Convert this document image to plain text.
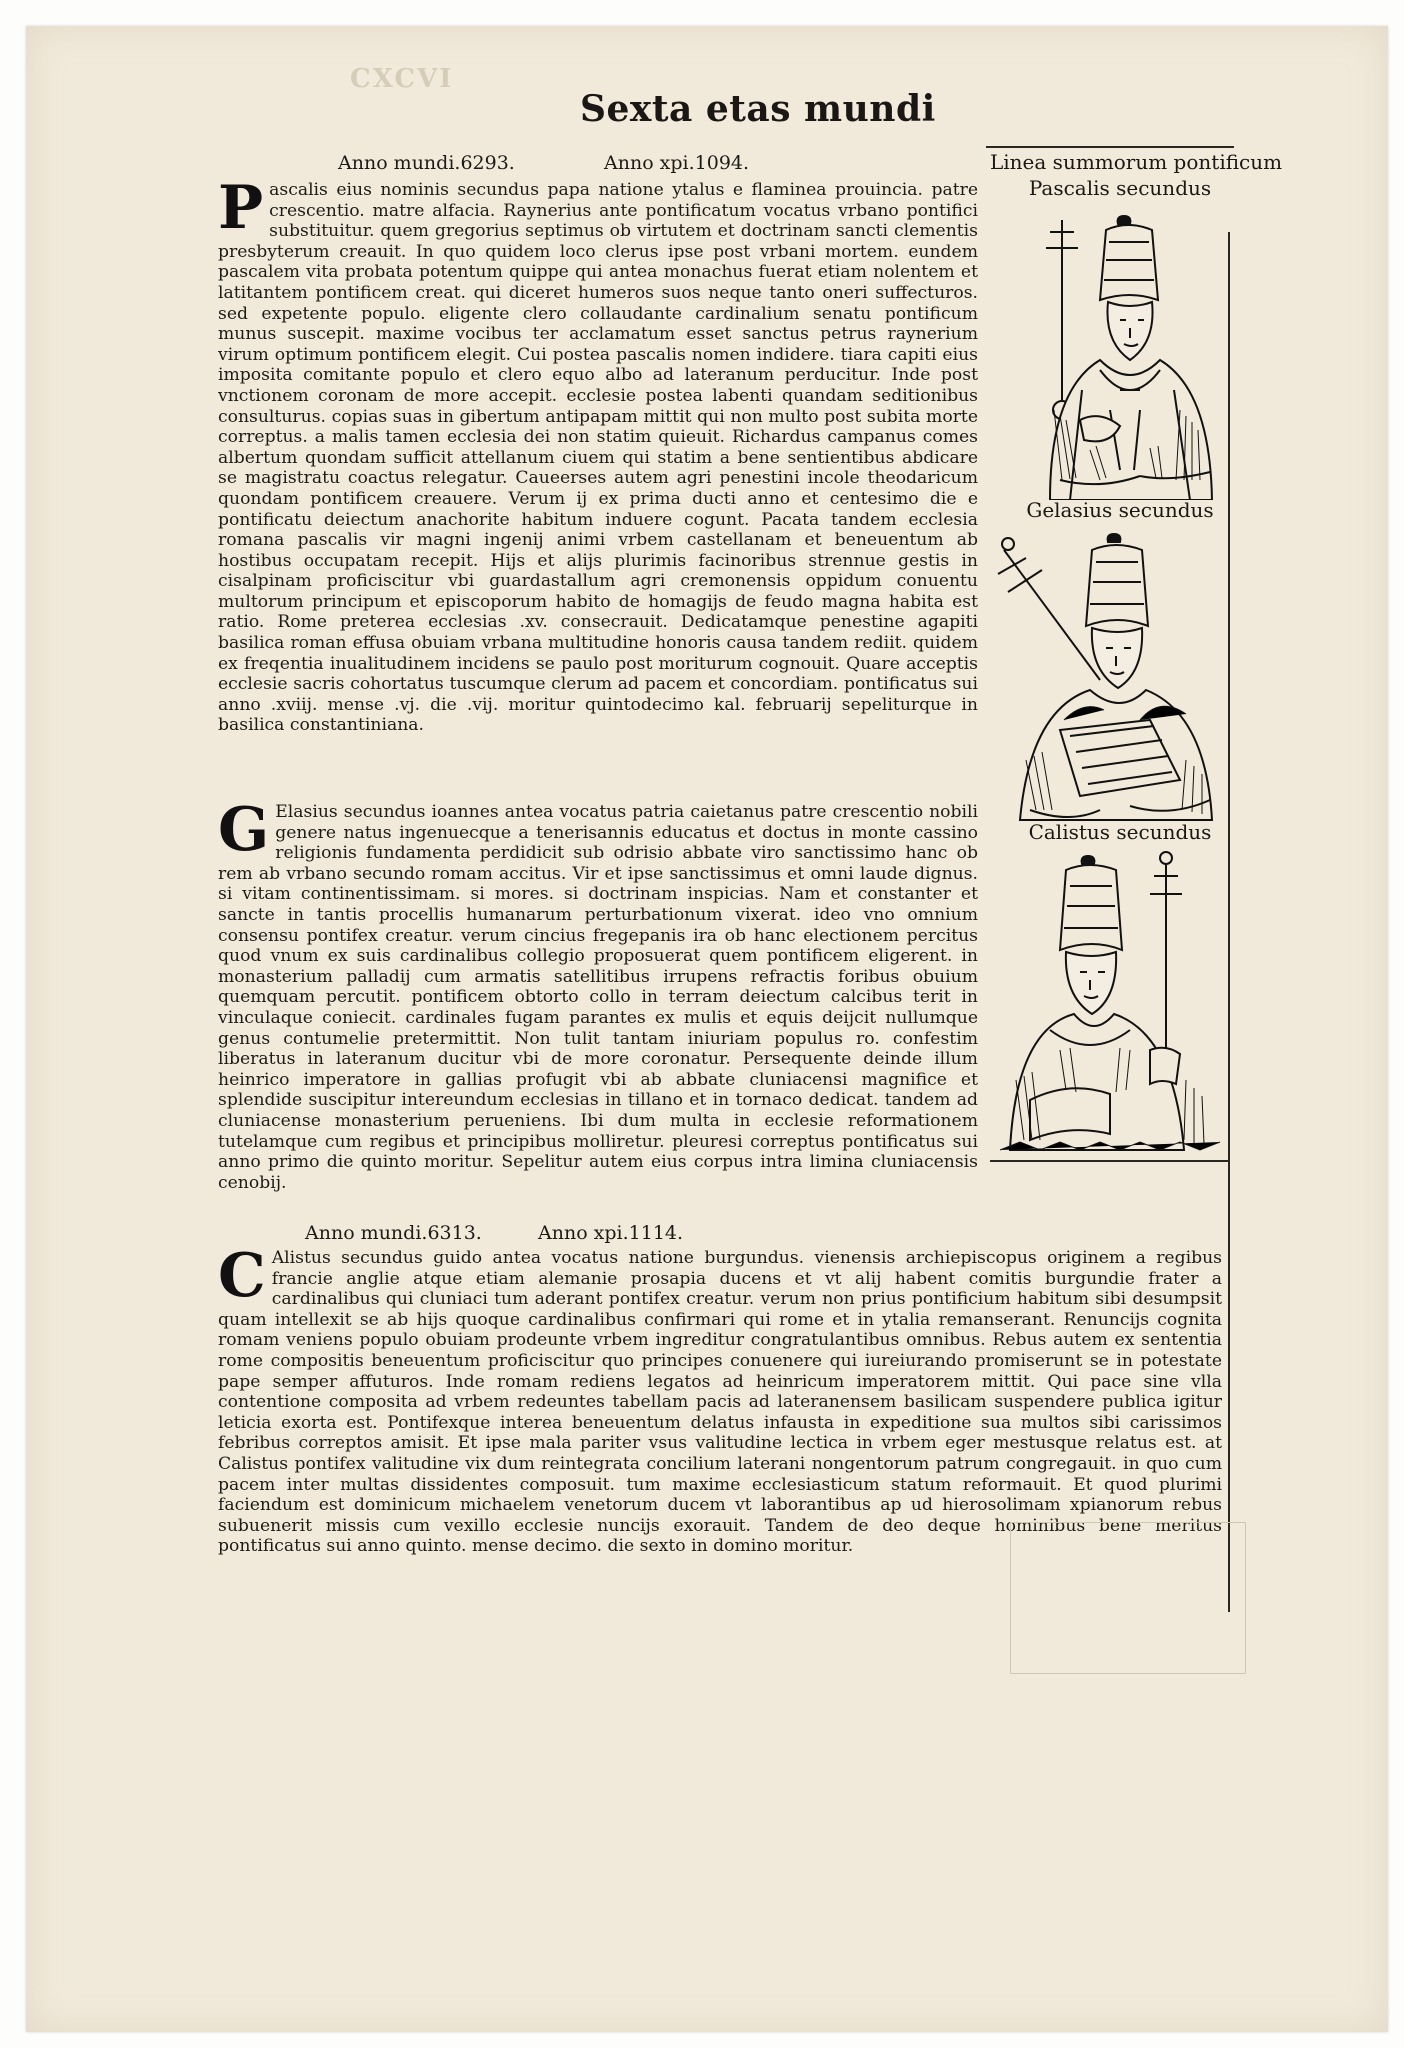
CXCVI
Sexta etas mundi
Anno mundi.6293.	Anno xpi.1094.
Pascalis eius nominis secundus papa natione ytalus e flaminea prouincia. patre crescentio. matre alfacia. Raynerius ante pontificatum vocatus vrbano pontifici substituitur. quem gregorius septimus ob virtutem et doctrinam sancti clementis presbyterum creauit. In quo quidem loco clerus ipse post vrbani mortem. eundem pascalem vita probata potentum quippe qui antea monachus fuerat etiam nolentem et latitantem pontificem creat. qui diceret humeros suos neque tanto oneri suffecturos. sed expetente populo. eligente clero collaudante cardinalium senatu pontificum munus suscepit. maxime vocibus ter acclamatum esset sanctus petrus raynerium virum optimum pontificem elegit. Cui postea pascalis nomen indidere. tiara capiti eius imposita comitante populo et clero equo albo ad lateranum perducitur. Inde post vnctionem coronam de more accepit. ecclesie postea labenti quandam seditionibus consulturus. copias suas in gibertum antipapam mittit qui non multo post subita morte correptus. a malis tamen ecclesia dei non statim quieuit. Richardus campanus comes albertum quondam sufficit attellanum ciuem qui statim a bene sentientibus abdicare se magistratu coactus relegatur. Caueerses autem agri penestini incole theodaricum quondam pontificem creauere. Verum ij ex prima ducti anno et centesimo die e pontificatu deiectum anachorite habitum induere cogunt. Pacata tandem ecclesia romana pascalis vir magni ingenij animi vrbem castellanam et beneuentum ab hostibus occupatam recepit. Hijs et alijs plurimis facinoribus strennue gestis in cisalpinam proficiscitur vbi guardastallum agri cremonensis oppidum conuentu multorum principum et episcoporum habito de homagijs de feudo magna habita est ratio. Rome preterea ecclesias .xv. consecrauit. Dedicatamque penestine agapiti basilica roman effusa obuiam vrbana multitudine honoris causa tandem rediit. quidem ex freqentia inualitudinem incidens se paulo post moriturum cognouit. Quare acceptis ecclesie sacris cohortatus tuscumque clerum ad pacem et concordiam. pontificatus sui anno .xviij. mense .vj. die .vij. moritur quintodecimo kal. februarij sepeliturque in basilica constantiniana.
G Elasius secundus ioannes antea vocatus patria caietanus patre crescentio nobili genere natus ingenuecque a tenerisannis educatus et doctus in monte cassino religionis fundamenta perdidicit sub odrisio abbate viro sanctissimo hanc ob rem ab vrbano secundo romam accitus. Vir et ipse sanctissimus et omni laude dignus. si vitam continentissimam. si mores. si doctrinam inspicias. Nam et constanter et sancte in tantis procellis humanarum perturbationum vixerat. ideo vno omnium consensu pontifex creatur. verum cincius fregepanis ira ob hanc electionem percitus quod vnum ex suis cardinalibus collegio proposuerat quem pontificem eligerent. in monasterium palladij cum armatis satellitibus irrupens refractis foribus obuium quemquam percutit. pontificem obtorto collo in terram deiectum calcibus terit in vinculaque coniecit. cardinales fugam parantes ex mulis et equis deijcit nullumque genus contumelie pretermittit. Non tulit tantam iniuriam populus ro. confestim liberatus in lateranum ducitur vbi de more coronatur. Persequente deinde illum heinrico imperatore in gallias profugit vbi ab abbate cluniacensi magnifice et splendide suscipitur intereundum ecclesias in tillano et in tornaco dedicat. tandem ad cluniacense monasterium perueniens. Ibi dum multa in ecclesie reformationem tutelamque cum regibus et principibus molliretur. pleuresi correptus pontificatus sui anno primo die quinto moritur. Sepelitur autem eius corpus intra limina cluniacensis cenobij.
Anno mundi.6313.	Anno xpi.1114.
C Alistus secundus guido antea vocatus natione burgundus. vienensis archiepiscopus originem a regibus francie anglie atque etiam alemanie prosapia ducens et vt alij habent comitis burgundie frater a cardinalibus qui cluniaci tum aderant pontifex creatur. verum non prius pontificium habitum sibi desumpsit quam intellexit se ab hijs quoque cardinalibus confirmari qui rome et in ytalia remanserant. Renuncijs cognita romam veniens populo obuiam prodeunte vrbem ingreditur congratulantibus omnibus. Rebus autem ex sententia rome compositis beneuentum proficiscitur quo principes conuenere qui iureiurando promiserunt se in potestate pape semper affuturos. Inde romam rediens legatos ad heinricum imperatorem mittit. Qui pace sine vlla contentione composita ad vrbem redeuntes tabellam pacis ad lateranensem basilicam suspendere publica igitur leticia exorta est. Pontifexque interea beneuentum delatus infausta in expeditione sua multos sibi carissimos febribus correptos amisit. Et ipse mala pariter vsus valitudine lectica in vrbem eger mestusque relatus est. at Calistus pontifex valitudine vix dum reintegrata concilium laterani nongentorum patrum congregauit. in quo cum pacem inter multas dissidentes composuit. tum maxime ecclesiasticum statum reformauit. Et quod plurimi faciendum est dominicum michaelem venetorum ducem vt laborantibus ap ud hierosolimam xpianorum rebus subuenerit missis cum vexillo ecclesie nuncijs exorauit. Tandem de deo deque hominibus bene meritus pontificatus sui anno quinto. mense decimo. die sexto in domino moritur.
Linea summorum pontificum
Pascalis secundus
Gelasius secundus
Calistus secundus
